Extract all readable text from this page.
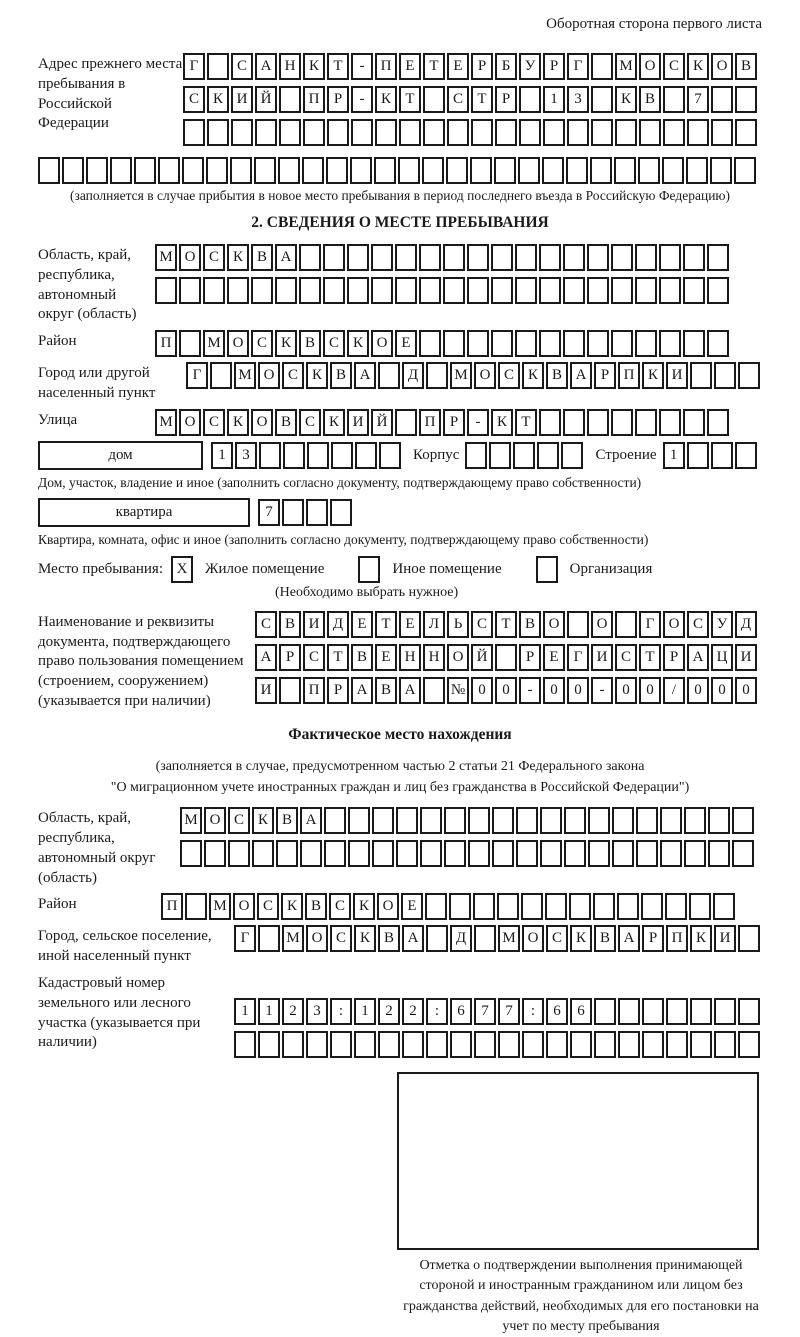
Оборотная сторона первого листа
Адрес прежнего места пребывания в Российской Федерации
Г	С А Н К Т	-	П Е Т Е	Р	Б У Р	Г	М О С К О В
С К И Й	П Р	-	К Т	С Т	Р	1	3	К В	7
(заполняется в случае прибытия в новое место пребывания в период последнего въезда в Российскую Федерацию)
2. СВЕДЕНИЯ О МЕСТЕ ПРЕБЫВАНИЯ
Область, край, республика, автономный округ (область)
М О С К В А
Район	П	М О С К В С К О Е
Город или другой населенный пункт
Г	М О С К В А	Д	М О С К В А Р П К И
Улица	М О С К О В С К И Й	П Р	-	К Т
дом	1	3	Корпус	Строение 1
Дом, участок, владение и иное (заполнить согласно документу, подтверждающему право собственности)
квартира	7
Квартира, комната, офис и иное (заполнить согласно документу, подтверждающему право собственности)
Место пребывания: X	Жилое помещение	Иное помещение	Организация
(Необходимо выбрать нужное)
Наименование и реквизиты документа, подтверждающего право пользования помещением (строением, сооружением) (указывается при наличии)
С В И Д Е Т Е Л Ь С Т В О	О	Г О С У Д
А Р С Т В Е Н Н О Й	Р	Е	Г И С Т	Р А Ц И
И	П Р А В А	№ 0	0	-	0	0	-	0	0	/	0	0	0
Фактическое место нахождения
(заполняется в случае, предусмотренном частью 2 статьи 21 Федерального закона
"О миграционном учете иностранных граждан и лиц без гражданства в Российской Федерации")
Область, край, республика, автономный округ (область)
М О С К В А
Район	П	М О С К В С К О Е
Город, сельское поселение, иной населенный пункт
Г	М О С К В А	Д	М О С К В А Р П К И
Кадастровый номер земельного или лесного участка (указывается при наличии)
1	1	2	3	:	1	2	2	:	6	7	7	:	6	6
Отметка о подтверждении выполнения принимающей стороной и иностранным гражданином или лицом без гражданства действий, необходимых для его постановки на учет по месту пребывания
